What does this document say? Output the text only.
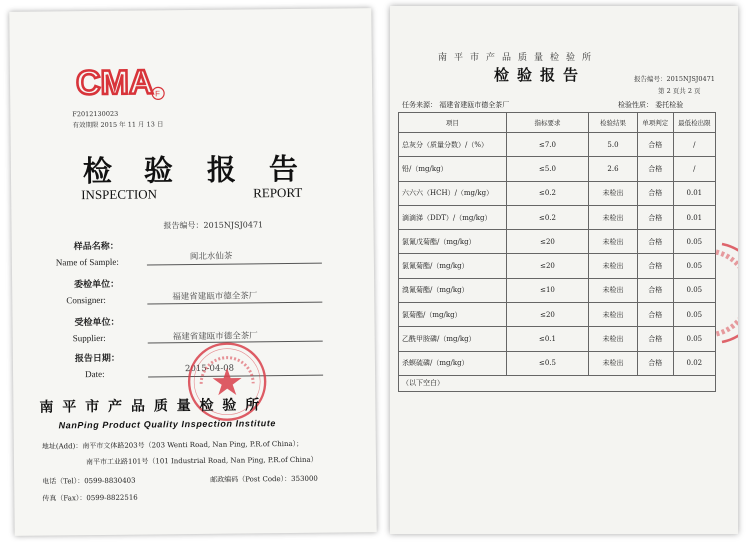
CMA F
F2012130023
有效期限 2015 年 11 月 13 日
检 验 报 告
INSPECTION	REPORT
报告编号：2015NJSJ0471
样品名称：
Name of Sample:	闽北水仙茶
委检单位：
Consigner:	福建省建瓯市德全茶厂
受检单位：
Supplier:	福建省建瓯市德全茶厂
报告日期：
Date:	2015-04-08
南 平 市 产 品 质 量 检 验 所
NanPing Product Quality Inspection Institute
地址(Add)：南平市文体路203号（203 Wenti Road, Nan Ping, P.R.of China）；
南平市工业路101号（101 Industrial Road, Nan Ping, P.R.of China）
电话（Tel）：0599-8830403	邮政编码（Post Code）：353000
传真（Fax）：0599-8822516
南平市产品质量检验所
检验报告	报告编号：2015NJSJ0471
第 2 页共 2 页
任务来源： 福建省建瓯市德全茶厂	检验性质： 委托检验
项目	指标要求	检验结果	单项判定	最低检出限
总灰分（质量分数）/（%）	≤7.0	5.0	合格	/
铅/（mg/kg）	≤5.0	2.6	合格	/
六六六（HCH）/（mg/kg）	≤0.2	未检出	合格	0.01
滴滴涕（DDT）/（mg/kg）	≤0.2	未检出	合格	0.01
氯氰戊菊酯/（mg/kg）	≤20	未检出	合格	0.05
氯氰菊酯/（mg/kg）	≤20	未检出	合格	0.05
溴氰菊酯/（mg/kg）	≤10	未检出	合格	0.05
氯菊酯/（mg/kg）	≤20	未检出	合格	0.05
乙酰甲胺磷/（mg/kg）	≤0.1	未检出	合格	0.05
杀螟硫磷/（mg/kg）	≤0.5	未检出	合格	0.02
（以下空白）				
